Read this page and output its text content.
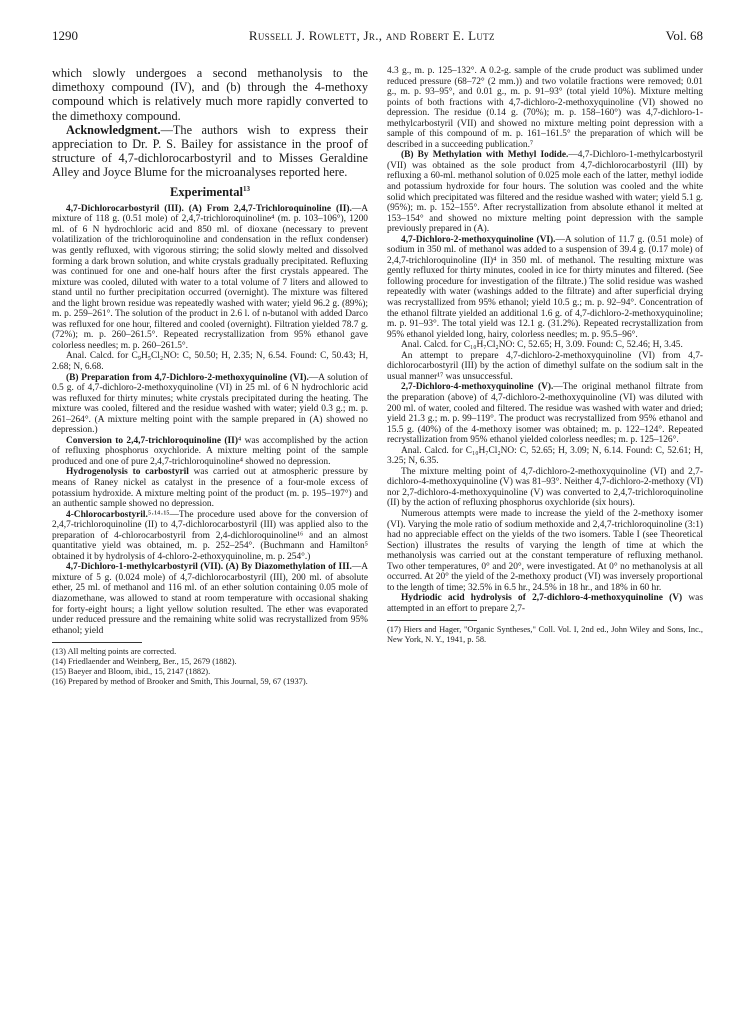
1290	Russell J. Rowlett, Jr., and Robert E. Lutz	Vol. 68

which slowly undergoes a second methanolysis to the dimethoxy compound (IV), and (b) through the 4-methoxy compound which is relatively much more rapidly converted to the dimethoxy compound.

Acknowledgment.—The authors wish to express their appreciation to Dr. P. S. Bailey for assistance in the proof of structure of 4,7-dichlorocarbostyril and to Misses Geraldine Alley and Joyce Blume for the microanalyses reported here.

Experimental$^{13}$

4,7-Dichlorocarbostyril (III). (A) From 2,4,7-Trichloroquinoline (II).—A mixture of 118 g. (0.51 mole) of 2,4,7-trichloroquinoline⁴ (m. p. 103–106°), 1200 ml. of 6 N hydrochloric acid and 850 ml. of dioxane (necessary to prevent volatilization of the trichloroquinoline and condensation in the reflux condenser) was gently refluxed, with vigorous stirring; the solid slowly melted and dissolved forming a dark brown solution, and white crystals gradually precipitated. Refluxing was continued for one and one-half hours after the first crystals appeared. The mixture was cooled, diluted with water to a total volume of 7 liters and allowed to stand until no further precipitation occurred (overnight). The mixture was filtered and the light brown residue was repeatedly washed with water; yield 96.2 g. (89%); m. p. 259–261°. The solution of the product in 2.6 l. of n-butanol with added Darco was refluxed for one hour, filtered and cooled (overnight). Filtration yielded 78.7 g. (72%); m. p. 260–261.5°. Repeated recrystallization from 95% ethanol gave colorless needles; m. p. 260–261.5°.

Anal. Calcd. for C₉H₅Cl₂NO: C, 50.50; H, 2.35; N, 6.54. Found: C, 50.43; H, 2.68; N, 6.68.

(B) Preparation from 4,7-Dichloro-2-methoxyquinoline (VI).—A solution of 0.5 g. of 4,7-dichloro-2-methoxyquinoline (VI) in 25 ml. of 6 N hydrochloric acid was refluxed for thirty minutes; white crystals precipitated during the heating. The mixture was cooled, filtered and the residue washed with water; yield 0.3 g.; m. p. 261–264°. (A mixture melting point with the sample prepared in (A) showed no depression.)

Conversion to 2,4,7-trichloroquinoline (II)⁴ was accomplished by the action of refluxing phosphorus oxychloride. A mixture melting point of the sample produced and one of pure 2,4,7-trichloroquinoline⁴ showed no depression.

Hydrogenolysis to carbostyril was carried out at atmospheric pressure by means of Raney nickel as catalyst in the presence of a four-mole excess of potassium hydroxide. A mixture melting point of the product (m. p. 195–197°) and an authentic sample showed no depression.

4-Chlorocarbostyril.⁵·¹⁴·¹⁵—The procedure used above for the conversion of 2,4,7-trichloroquinoline (II) to 4,7-dichlorocarbostyril (III) was applied also to the preparation of 4-chlorocarbostyril from 2,4-dichloroquinoline¹⁶ and an almost quantitative yield was obtained, m. p. 252–254°. (Buchmann and Hamilton⁵ obtained it by hydrolysis of 4-chloro-2-ethoxyquinoline, m. p. 254°.)

4,7-Dichloro-1-methylcarbostyril (VII). (A) By Diazomethylation of III.—A mixture of 5 g. (0.024 mole) of 4,7-dichlorocarbostyril (III), 200 ml. of absolute ether, 25 ml. of methanol and 116 ml. of an ether solution containing 0.05 mole of diazomethane, was allowed to stand at room temperature with occasional shaking for forty-eight hours; a light yellow solution resulted. The ether was evaporated under reduced pressure and the remaining white solid was recrystallized from 95% ethanol; yield

(13) All melting points are corrected.

(14) Friedlaender and Weinberg, Ber., 15, 2679 (1882).

(15) Baeyer and Bloom, ibid., 15, 2147 (1882).

(16) Prepared by method of Brooker and Smith, This Journal, 59, 67 (1937).

4.3 g., m. p. 125–132°. A 0.2-g. sample of the crude product was sublimed under reduced pressure (68–72° (2 mm.)) and two volatile fractions were removed; 0.01 g., m. p. 93–95°, and 0.01 g., m. p. 91–93° (total yield 10%). Mixture melting points of both fractions with 4,7-dichloro-2-methoxyquinoline (VI) showed no depression. The residue (0.14 g. (70%); m. p. 158–160°) was 4,7-dichloro-1-methylcarbostyril (VII) and showed no mixture melting point depression with a sample of this compound of m. p. 161–161.5° the preparation of which will be described in a succeeding publication.⁷

(B) By Methylation with Methyl Iodide.—4,7-Dichloro-1-methylcarbostyril (VII) was obtained as the sole product from 4,7-dichlorocarbostyril (III) by refluxing a 60-ml. methanol solution of 0.025 mole each of the latter, methyl iodide and potassium hydroxide for four hours. The solution was cooled and the white solid which precipitated was filtered and the residue washed with water; yield 5.1 g. (95%); m. p. 152–155°. After recrystallization from absolute ethanol it melted at 153–154° and showed no mixture melting point depression with the sample previously prepared in (A).

4,7-Dichloro-2-methoxyquinoline (VI).—A solution of 11.7 g. (0.51 mole) of sodium in 350 ml. of methanol was added to a suspension of 39.4 g. (0.17 mole) of 2,4,7-trichloroquinoline (II)⁴ in 350 ml. of methanol. The resulting mixture was gently refluxed for thirty minutes, cooled in ice for thirty minutes and filtered. (See following procedure for investigation of the filtrate.) The solid residue was washed repeatedly with water (washings added to the filtrate) and after superficial drying was recrystallized from 95% ethanol; yield 10.5 g.; m. p. 92–94°. Concentration of the ethanol filtrate yielded an additional 1.6 g. of 4,7-dichloro-2-methoxyquinoline; m. p. 91–93°. The total yield was 12.1 g. (31.2%). Repeated recrystallization from 95% ethanol yielded long, hairy, colorless needles; m. p. 95.5–96°.

Anal. Calcd. for C₁₀H₇Cl₂NO: C, 52.65; H, 3.09. Found: C, 52.46; H, 3.45.

An attempt to prepare 4,7-dichloro-2-methoxyquinoline (VI) from 4,7-dichlorocarbostyril (III) by the action of dimethyl sulfate on the sodium salt in the usual manner¹⁷ was unsuccessful.

2,7-Dichloro-4-methoxyquinoline (V).—The original methanol filtrate from the preparation (above) of 4,7-dichloro-2-methoxyquinoline (VI) was diluted with 200 ml. of water, cooled and filtered. The residue was washed with water and dried; yield 21.3 g.; m. p. 99–119°. The product was recrystallized from 95% ethanol and 15.5 g. (40%) of the 4-methoxy isomer was obtained; m. p. 122–124°. Repeated recrystallization from 95% ethanol yielded colorless needles; m. p. 125–126°.

Anal. Calcd. for C₁₀H₇Cl₂NO: C, 52.65; H, 3.09; N, 6.14. Found: C, 52.61; H, 3.25; N, 6.35.

The mixture melting point of 4,7-dichloro-2-methoxyquinoline (VI) and 2,7-dichloro-4-methoxyquinoline (V) was 81–93°. Neither 4,7-dichloro-2-methoxy (VI) nor 2,7-dichloro-4-methoxyquinoline (V) was converted to 2,4,7-trichloroquinoline (II) by the action of refluxing phosphorus oxychloride (six hours).

Numerous attempts were made to increase the yield of the 2-methoxy isomer (VI). Varying the mole ratio of sodium methoxide and 2,4,7-trichloroquinoline (3:1) had no appreciable effect on the yields of the two isomers. Table I (see Theoretical Section) illustrates the results of varying the length of time at which the methanolysis was carried out at the constant temperature of refluxing methanol. Two other temperatures, 0° and 20°, were investigated. At 0° no methanolysis at all occurred. At 20° the yield of the 2-methoxy product (VI) was inversely proportional to the length of time; 32.5% in 6.5 hr., 24.5% in 18 hr., and 18% in 60 hr.

Hydriodic acid hydrolysis of 2,7-dichloro-4-methoxyquinoline (V) was attempted in an effort to prepare 2,7-

(17) Hiers and Hager, "Organic Syntheses," Coll. Vol. I, 2nd ed., John Wiley and Sons, Inc., New York, N. Y., 1941, p. 58.
